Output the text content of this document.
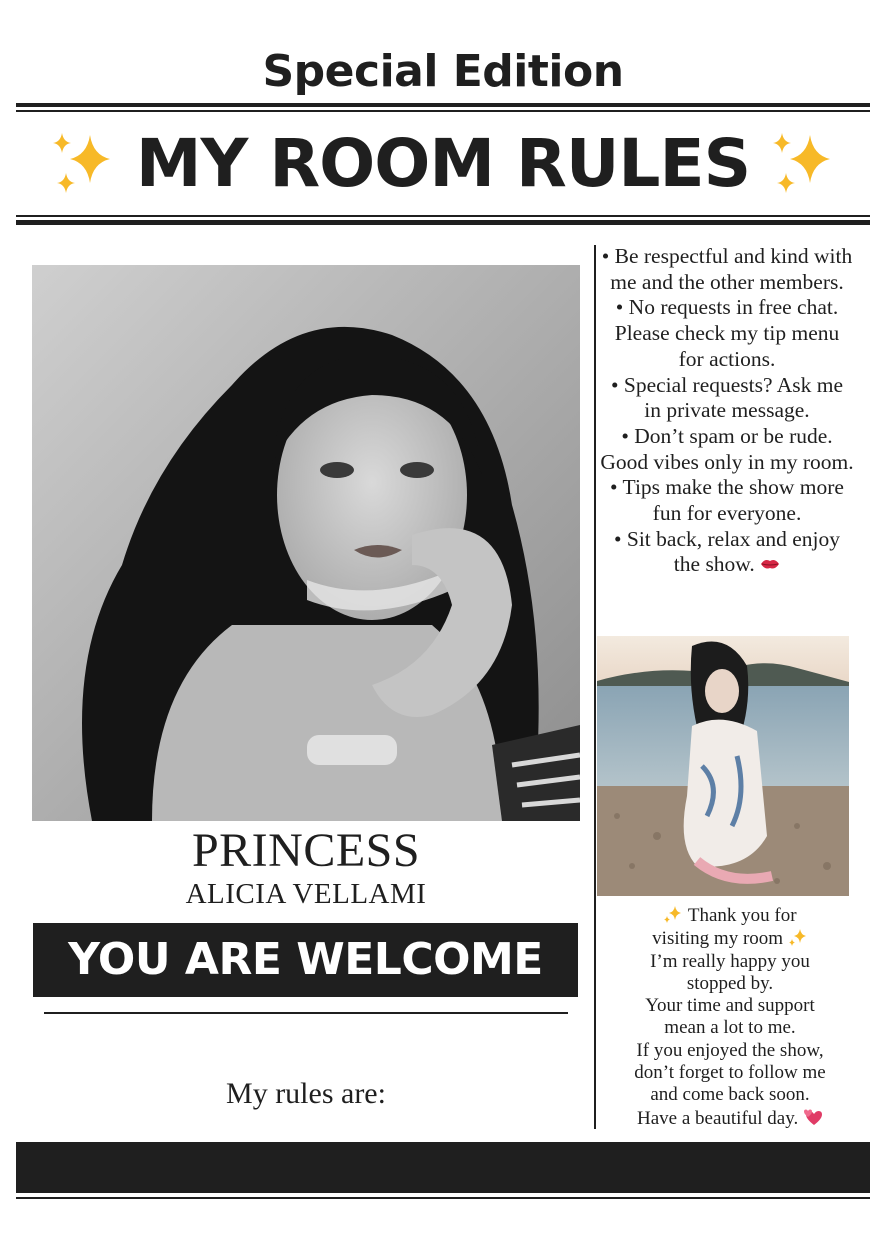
Special Edition
MY ROOM RULES
PRINCESS
ALICIA VELLAMI
YOU ARE WELCOME
My rules are:
• Be respectful and kind with me and the other members.
• No requests in free chat. Please check my tip menu for actions.
• Special requests? Ask me in private message.
• Don’t spam or be rude. Good vibes only in my room.
• Tips make the show more fun for everyone.
• Sit back, relax and enjoy the show.
Thank you for
visiting my room
I’m really happy you
stopped by.
Your time and support
mean a lot to me.
If you enjoyed the show,
don’t forget to follow me
and come back soon.
Have a beautiful day.
